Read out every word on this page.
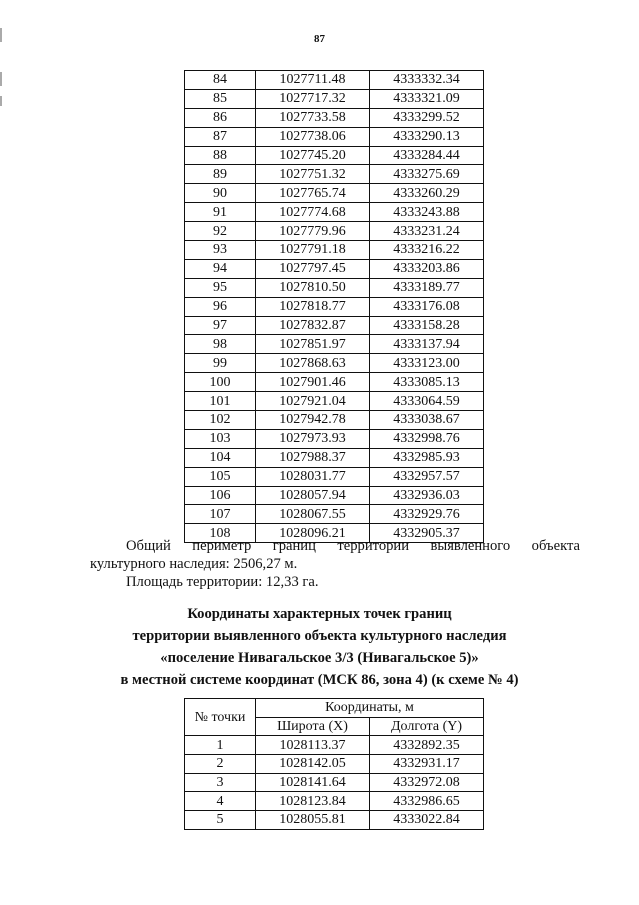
87
84	1027711.48	4333332.34
85	1027717.32	4333321.09
86	1027733.58	4333299.52
87	1027738.06	4333290.13
88	1027745.20	4333284.44
89	1027751.32	4333275.69
90	1027765.74	4333260.29
91	1027774.68	4333243.88
92	1027779.96	4333231.24
93	1027791.18	4333216.22
94	1027797.45	4333203.86
95	1027810.50	4333189.77
96	1027818.77	4333176.08
97	1027832.87	4333158.28
98	1027851.97	4333137.94
99	1027868.63	4333123.00
100	1027901.46	4333085.13
101	1027921.04	4333064.59
102	1027942.78	4333038.67
103	1027973.93	4332998.76
104	1027988.37	4332985.93
105	1028031.77	4332957.57
106	1028057.94	4332936.03
107	1028067.55	4332929.76
108	1028096.21	4332905.37
Общий периметр границ территории выявленного объекта
культурного наследия: 2506,27 м.
Площадь территории: 12,33 га.
Координаты характерных точек границ
территории выявленного объекта культурного наследия
«поселение Нивагальское 3/3 (Нивагальское 5)»
в местной системе координат (МСК 86, зона 4) (к схеме № 4)
№ точки	Координаты, м	
	Широта (X)	Долгота (Y)
1	1028113.37	4332892.35
2	1028142.05	4332931.17
3	1028141.64	4332972.08
4	1028123.84	4332986.65
5	1028055.81	4333022.84
